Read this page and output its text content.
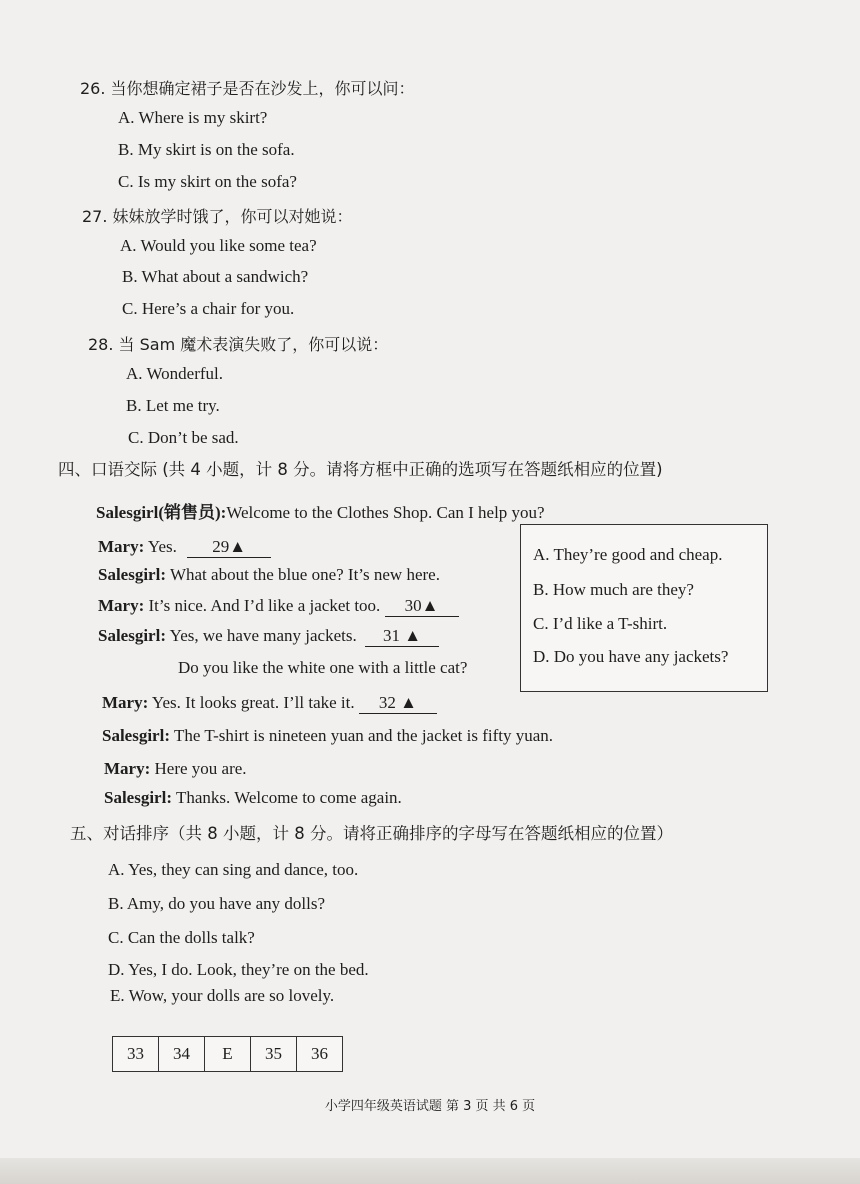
26. 当你想确定裙子是否在沙发上，你可以问：
A. Where is my skirt?
B. My skirt is on the sofa.
C. Is my skirt on the sofa?
27. 妹妹放学时饿了，你可以对她说：
A. Would you like some tea?
B. What about a sandwich?
C. Here’s a chair for you.
28. 当 Sam 魔术表演失败了，你可以说：
A. Wonderful.
B. Let me try.
C. Don’t be sad.
四、口语交际 (共 4 小题，计 8 分。请将方框中正确的选项写在答题纸相应的位置)
Salesgirl(销售员):Welcome to the Clothes Shop. Can I help you?
Mary: Yes. 29▲
Salesgirl: What about the blue one? It’s new here.
Mary: It’s nice. And I’d like a jacket too. 30▲
Salesgirl: Yes, we have many jackets. 31 ▲
Do you like the white one with a little cat?
Mary: Yes. It looks great. I’ll take it. 32 ▲
Salesgirl: The T-shirt is nineteen yuan and the jacket is fifty yuan.
Mary: Here you are.
Salesgirl: Thanks. Welcome to come again.
A. They’re good and cheap.
B. How much are they?
C. I’d like a T-shirt.
D. Do you have any jackets?
五、对话排序（共 8 小题，计 8 分。请将正确排序的字母写在答题纸相应的位置）
A. Yes, they can sing and dance, too.
B. Amy, do you have any dolls?
C. Can the dolls talk?
D. Yes, I do. Look, they’re on the bed.
E. Wow, your dolls are so lovely.
33	34	E	35	36
小学四年级英语试题 第 3 页 共 6 页
